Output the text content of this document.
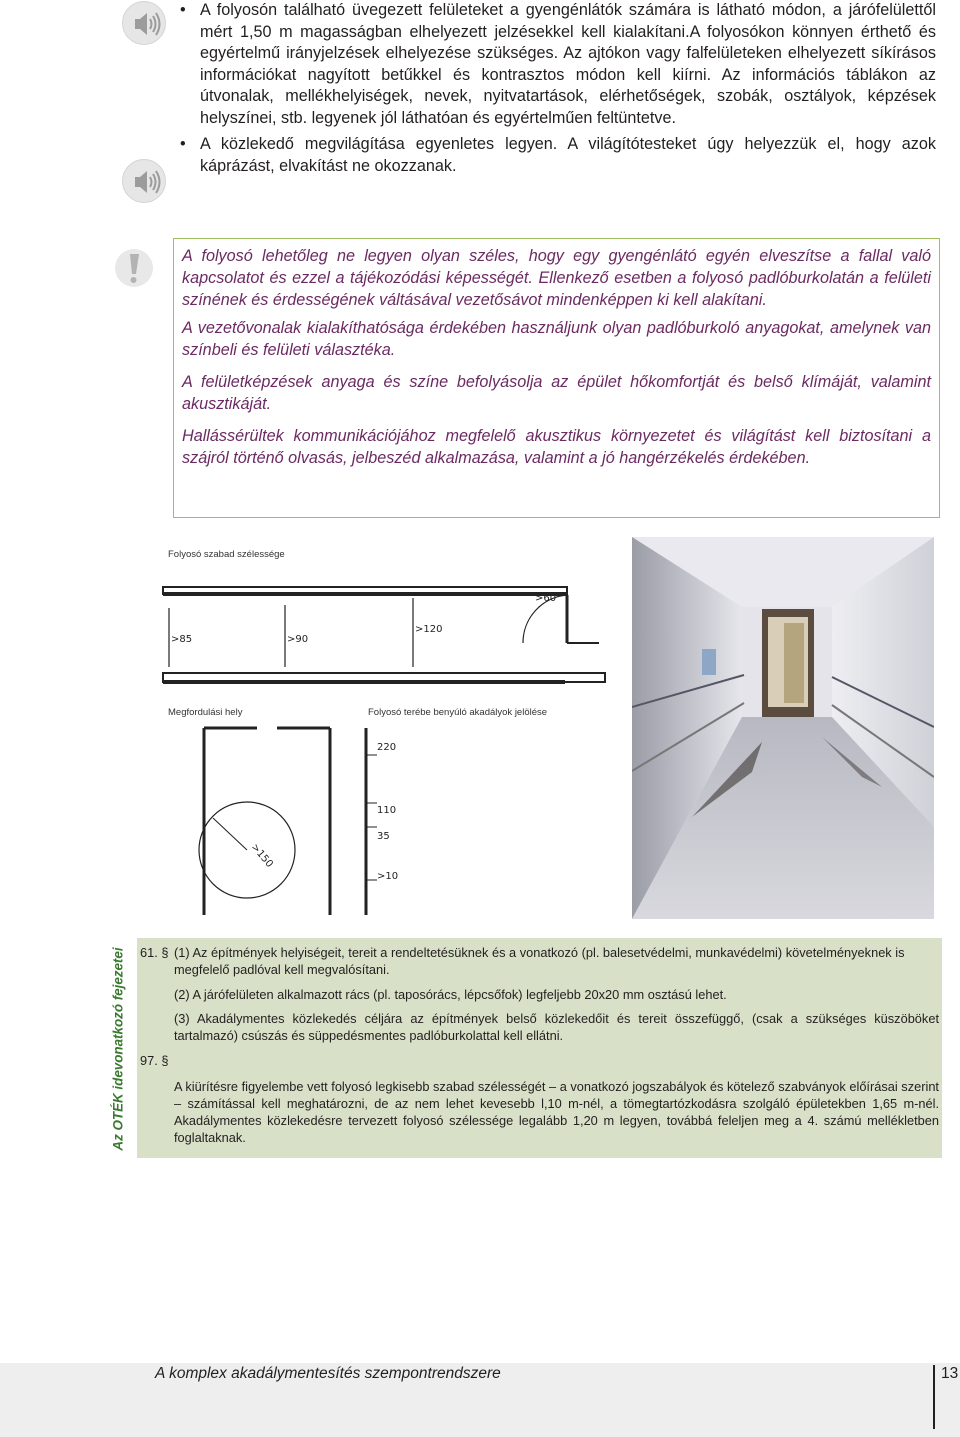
• A folyosón található üvegezett felületeket a gyengénlátók számára is látható módon, a járófelülettől mért 1,50 m magasságban elhelyezett jelzésekkel kell kialakítani.A folyosókon könnyen érthető és egyértelmű irányjelzések elhelyezése szükséges. Az ajtókon vagy falfelületeken elhelyezett síkírásos információkat nagyított betűkkel és kontrasztos módon kell kiírni. Az információs táblákon az útvonalak, mellékhelyiségek, nevek, nyitvatartások, elérhetőségek, szobák, osztályok, képzések helyszínei, stb. legyenek jól láthatóan és egyértelműen feltüntetve.

• A közlekedő megvilágítása egyenletes legyen. A világítótesteket úgy helyezzük el, hogy azok káprázást, elvakítást ne okozzanak.

A folyosó lehetőleg ne legyen olyan széles, hogy egy gyengénlátó egyén elveszítse a fallal való kapcsolatot és ezzel a tájékozódási képességét. Ellenkező esetben a folyosó padlóburkolatán a felületi színének és érdességének váltásával vezetősávot mindenképpen ki kell alakítani.

A vezetővonalak kialakíthatósága érdekében használjunk olyan padlóburkoló anyagokat, amelynek van színbeli és felületi választéka.

A felületképzések anyaga és színe befolyásolja az épület hőkomfortját és belső klímáját, valamint akusztikáját.

Hallássérültek kommunikációjához megfelelő akusztikus környezetet és világítást kell biztosítani a szájról történő olvasás, jelbeszéd alkalmazása, valamint a jó hangérzékelés érdekében.

Folyosó szabad szélessége
>85	>90
>120
>60
Megfordulási hely	Folyosó terébe benyúló akadályok jelölése
>150
220
110
35
>10
Az OTÉK idevonatkozó fejezetei 61. § (1) Az építmények helyiségeit, tereit a rendeltetésüknek és a vonatkozó (pl. balesetvédelmi, munkavédelmi) követelményeknek is megfelelő padlóval kell megvalósítani.

(2) A járófelületen alkalmazott rács (pl. taposórács, lépcsőfok) legfeljebb 20x20 mm osztású lehet.

(3) Akadálymentes közlekedés céljára az építmények belső közlekedőit és tereit összefüggő, (csak a szükséges küszöböket tartalmazó) csúszás és süppedésmentes padlóburkolattal kell ellátni.

97. §

A kiürítésre figyelembe vett folyosó legkisebb szabad szélességét – a vonatkozó jogszabályok és kötelező szabványok előírásai szerint – számítással kell meghatározni, de az nem lehet kevesebb l,10 m-nél, a tömegtartózkodásra szolgáló épületekben 1,65 m-nél. Akadálymentes közlekedésre tervezett folyosó szélessége legalább 1,20 m legyen, továbbá feleljen meg a 4. számú mellékletben foglaltaknak.

A komplex akadálymentesítés szempontrendszere	13
